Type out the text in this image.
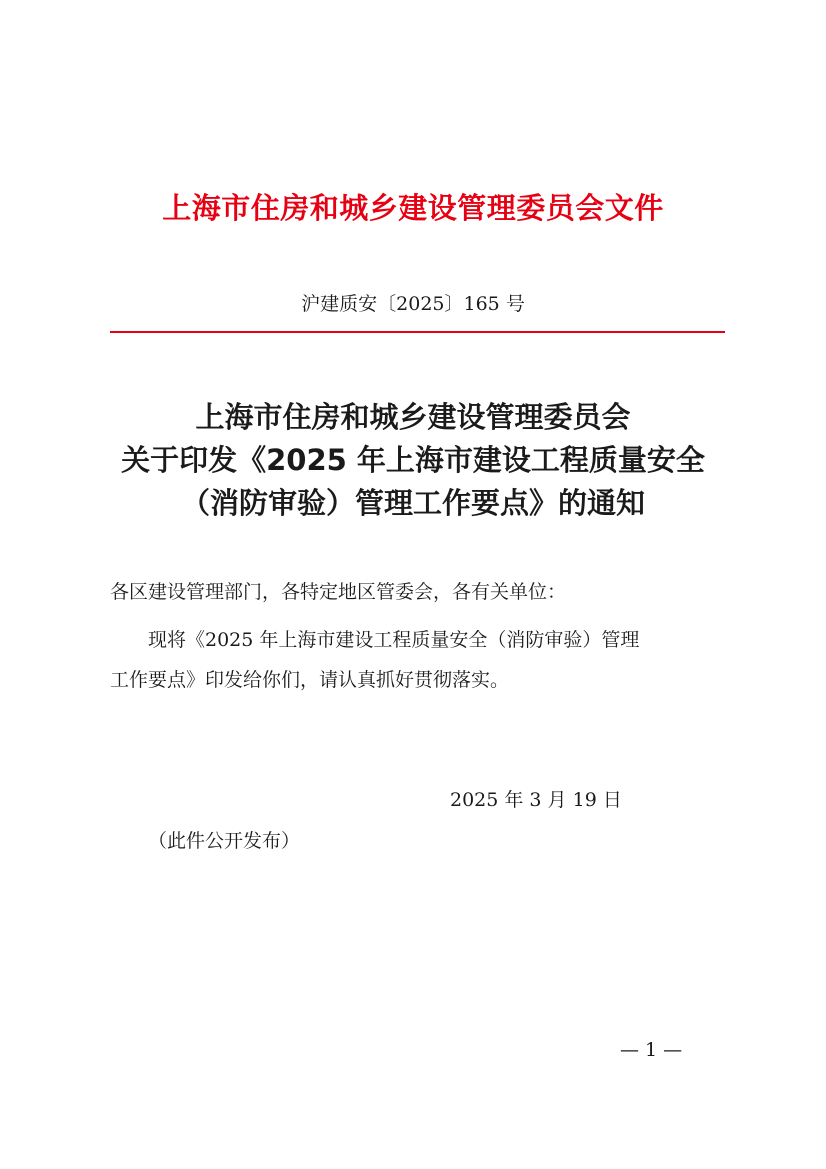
上海市住房和城乡建设管理委员会文件
沪建质安〔2025〕165 号
上海市住房和城乡建设管理委员会
关于印发《2025 年上海市建设工程质量安全
（消防审验）管理工作要点》的通知
各区建设管理部门，各特定地区管委会，各有关单位：
现将《2025 年上海市建设工程质量安全（消防审验）管理
工作要点》印发给你们，请认真抓好贯彻落实。
2025 年 3 月 19 日
（此件公开发布）
— 1 —
